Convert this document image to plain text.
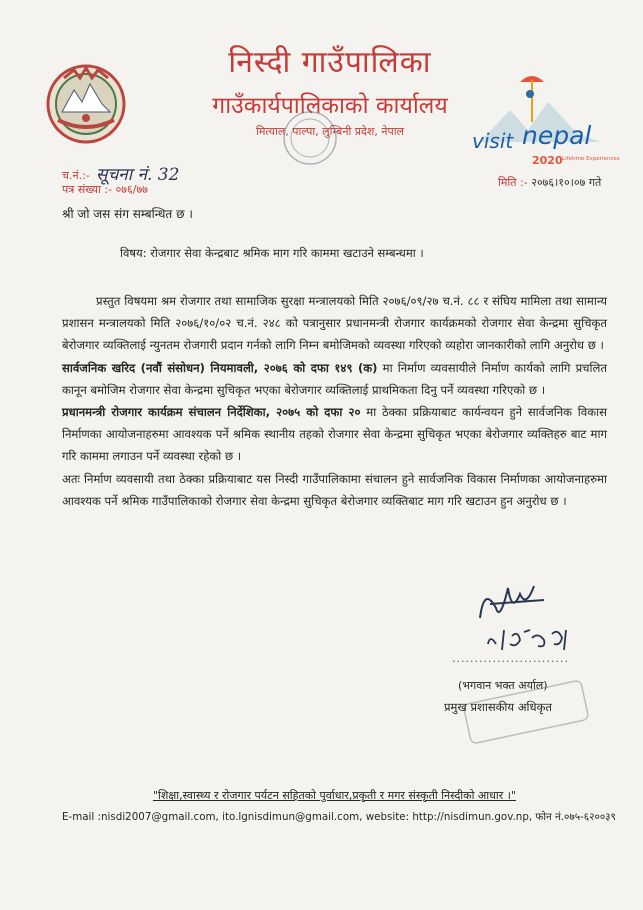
निस्दी गाउँपालिका
गाउँकार्यपालिकाको कार्यालय
मित्याल, पाल्पा, लुम्बिनी प्रदेश, नेपाल	visit nepal
2020 Lifetime Experiences
च.नं.:- सूचना नं. 32
पत्र संख्या :- ०७६/७७
मिति :- २०७६।१०।०७ गते
श्री जो जस संग सम्बन्धित छ ।
विषय: रोजगार सेवा केन्द्रबाट श्रमिक माग गरि काममा खटाउने सम्बन्धमा ।

प्रस्तुत विषयमा श्रम रोजगार तथा सामाजिक सुरक्षा मन्त्रालयको मिति २०७६/०९/२७ च.नं. ८८ र संघिय मामिला तथा सामान्य प्रशासन मन्त्रालयको मिति २०७६/१०/०२ च.नं. २४८ को पत्रानुसार प्रधानमन्त्री रोजगार कार्यक्रमको रोजगार सेवा केन्द्रमा सुचिकृत बेरोजगार व्यक्तिलाई न्युनतम रोजगारी प्रदान गर्नको लागि निम्न बमोजिमको व्यवस्था गरिएको व्यहोरा जानकारीको लागि अनुरोध छ ।

सार्वजनिक खरिद (नवौं संसोधन) नियमावली, २०७६ को दफा १४९ (क) मा निर्माण व्यवसायीले निर्माण कार्यको लागि प्रचलित कानून बमोजिम रोजगार सेवा केन्द्रमा सुचिकृत भएका बेरोजगार व्यक्तिलाई प्राथमिकता दिनु पर्ने व्यवस्था गरिएको छ ।

प्रधानमन्त्री रोजगार कार्यक्रम संचालन निर्देशिका, २०७५ को दफा २० मा ठेक्का प्रक्रियाबाट कार्यन्वयन हुने सार्वजनिक विकास निर्माणका आयोजनाहरुमा आवश्यक पर्ने श्रमिक स्थानीय तहको रोजगार सेवा केन्द्रमा सुचिकृत भएका बेरोजगार व्यक्तिहरु बाट माग गरि काममा लगाउन पर्ने व्यवस्था रहेको छ ।

अतः निर्माण व्यवसायी तथा ठेक्का प्रक्रियाबाट यस निस्दी गाउँपालिकामा संचालन हुने सार्वजनिक विकास निर्माणका आयोजनाहरुमा आवश्यक पर्ने श्रमिक गाउँपालिकाको रोजगार सेवा केन्द्रमा सुचिकृत बेरोजगार व्यक्तिबाट माग गरि खटाउन हुन अनुरोध छ ।

..........................
(भगवान भक्त अर्याल)
प्रमुख प्रशासकीय अधिकृत
"शिक्षा,स्वास्थ्य र रोजगार पर्यटन सहितको पुर्वाधार,प्रकृती र मगर संस्कृती निस्दीको आधार ।"
E-mail :nisdi2007@gmail.com, ito.lgnisdimun@gmail.com, website: http://nisdimun.gov.np, फोन नं.०७५-६२००३९
